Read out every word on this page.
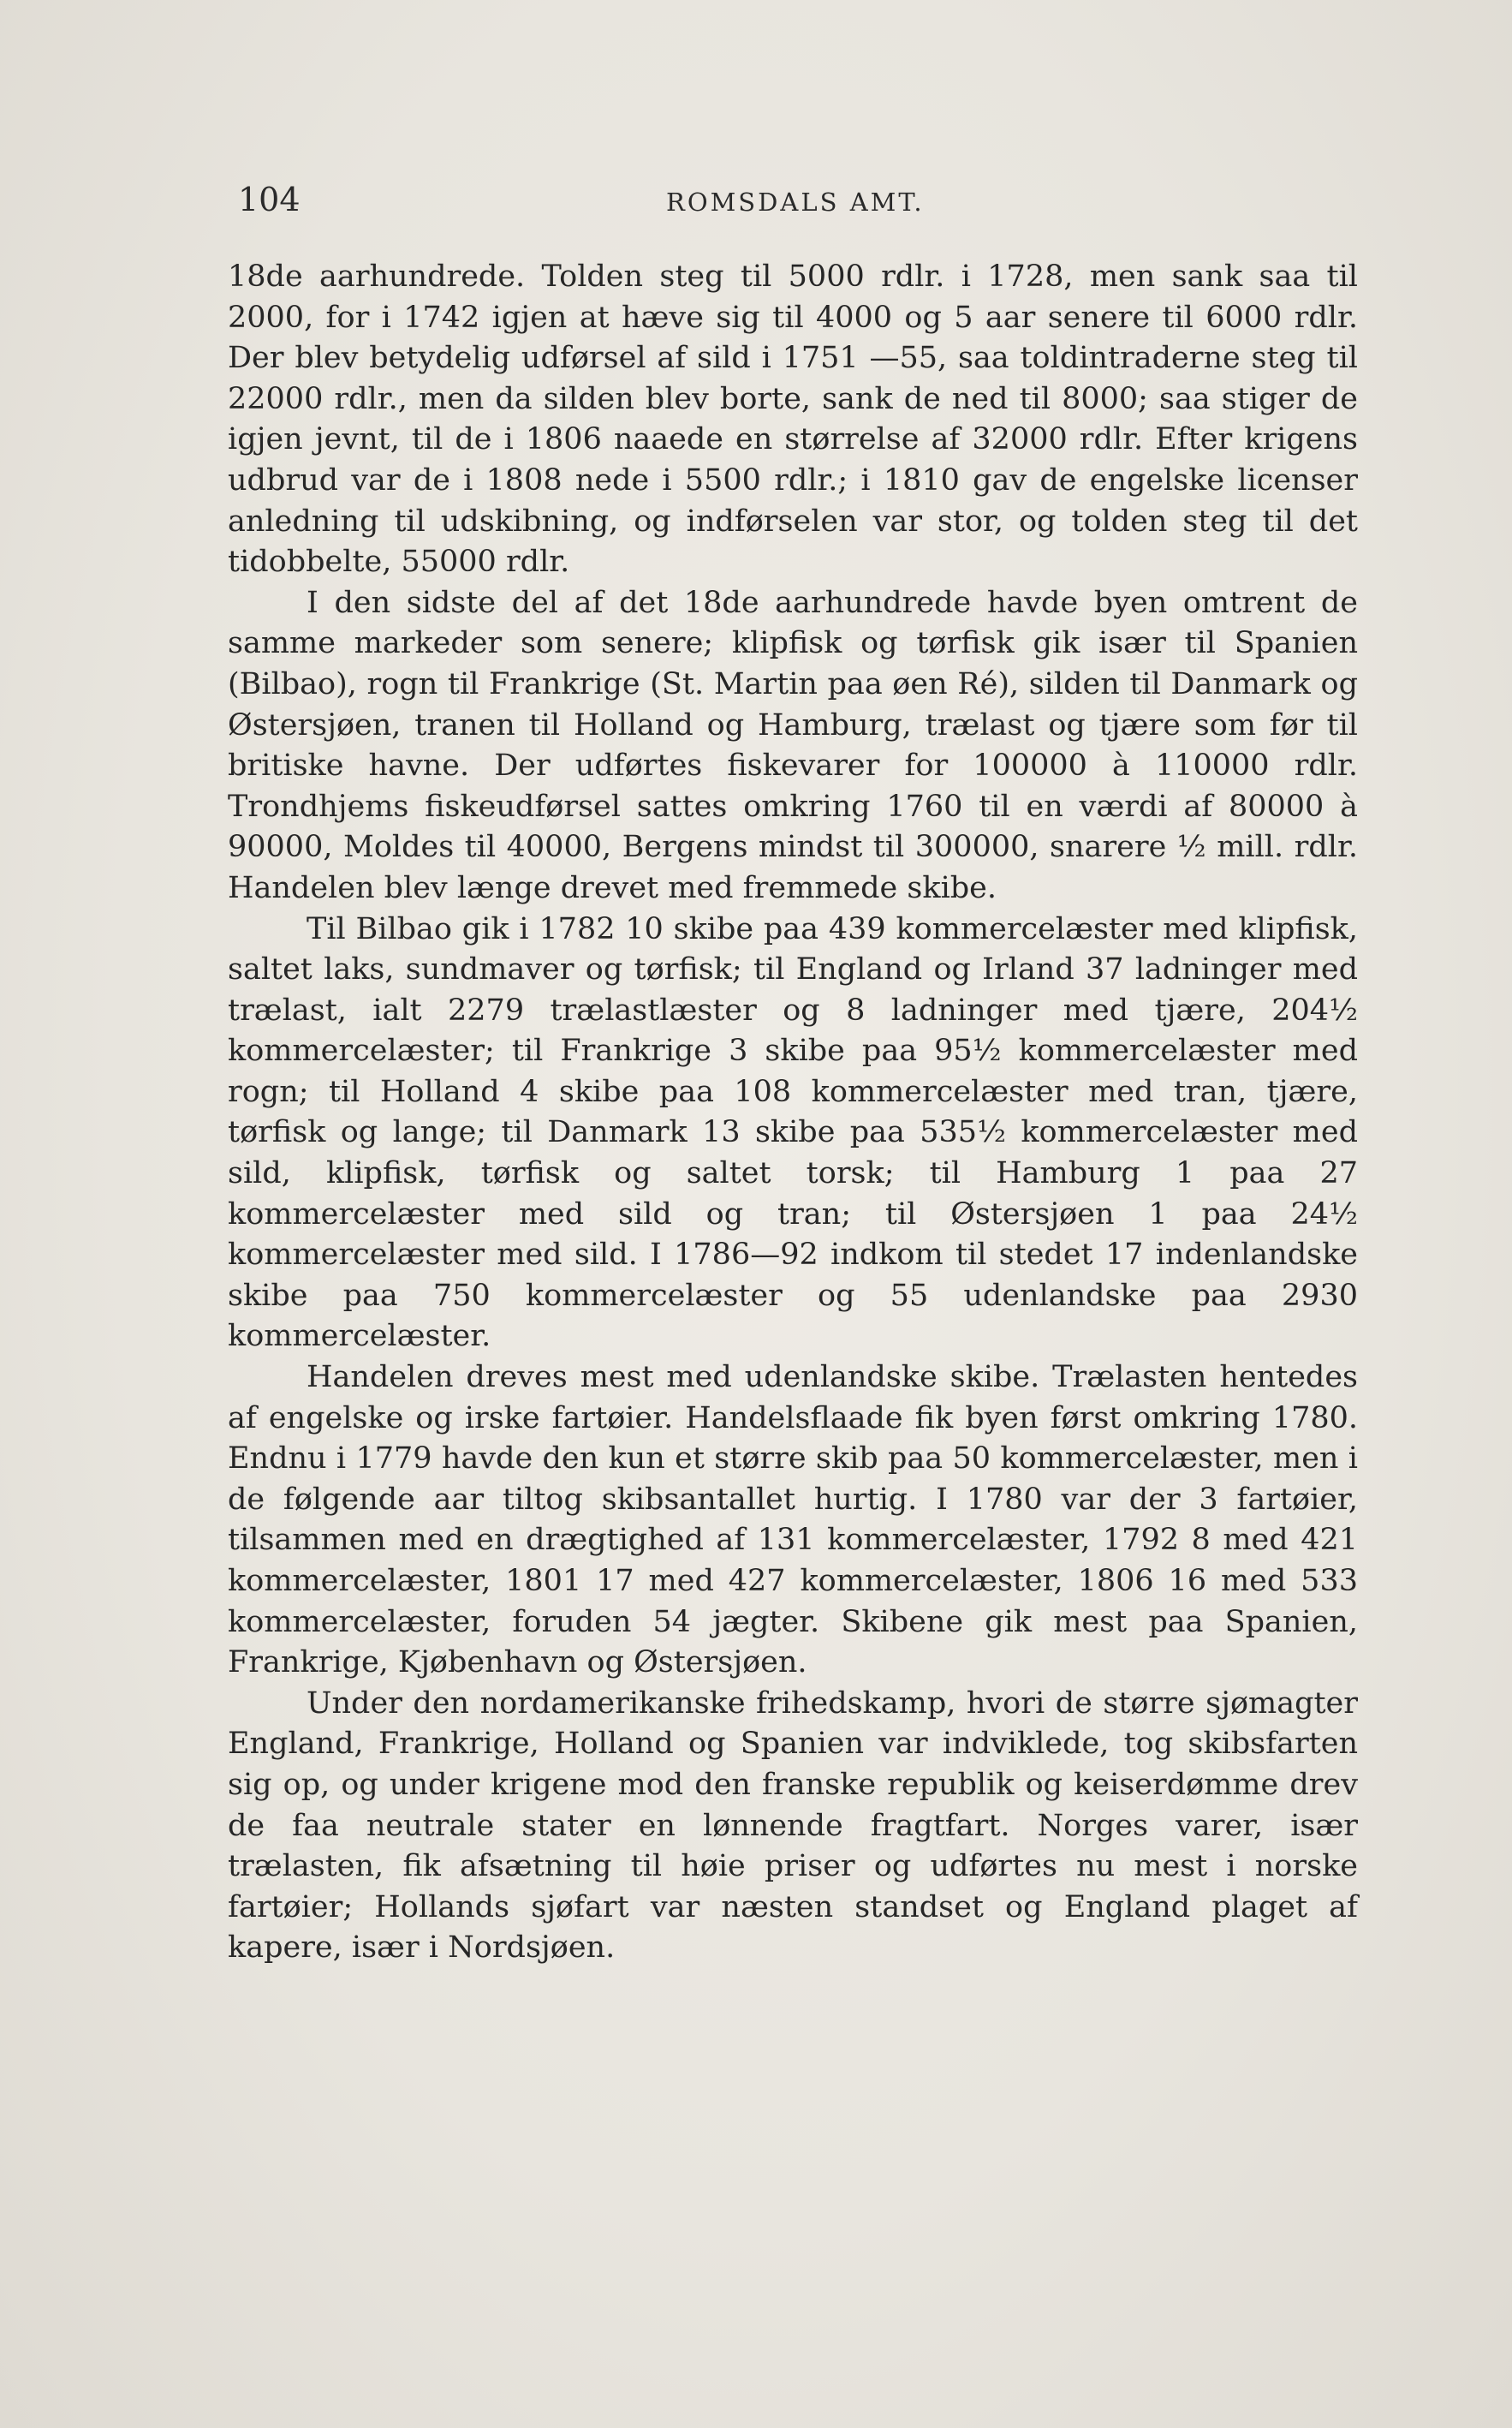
104	ROMSDALS AMT.

18de aarhundrede. Tolden steg til 5000 rdlr. i 1728, men sank saa til 2000, for i 1742 igjen at hæve sig til 4000 og 5 aar senere til 6000 rdlr. Der blev betydelig udførsel af sild i 1751 —55, saa toldintraderne steg til 22000 rdlr., men da silden blev borte, sank de ned til 8000; saa stiger de igjen jevnt, til de i 1806 naaede en størrelse af 32000 rdlr. Efter krigens udbrud var de i 1808 nede i 5500 rdlr.; i 1810 gav de engelske licenser anledning til udskibning, og indførselen var stor, og tolden steg til det tidobbelte, 55000 rdlr.

I den sidste del af det 18de aarhundrede havde byen omtrent de samme markeder som senere; klipfisk og tørfisk gik især til Spanien (Bilbao), rogn til Frankrige (St. Martin paa øen Ré), silden til Danmark og Østersjøen, tranen til Holland og Hamburg, trælast og tjære som før til britiske havne. Der udførtes fiskevarer for 100000 à 110000 rdlr. Trondhjems fiskeudførsel sattes omkring 1760 til en værdi af 80000 à 90000, Moldes til 40000, Bergens mindst til 300000, snarere ½ mill. rdlr. Handelen blev længe drevet med fremmede skibe.

Til Bilbao gik i 1782 10 skibe paa 439 kommercelæster med klipfisk, saltet laks, sundmaver og tørfisk; til England og Irland 37 ladninger med trælast, ialt 2279 trælastlæster og 8 ladninger med tjære, 204½ kommercelæster; til Frankrige 3 skibe paa 95½ kommercelæster med rogn; til Holland 4 skibe paa 108 kommercelæster med tran, tjære, tørfisk og lange; til Danmark 13 skibe paa 535½ kommercelæster med sild, klipfisk, tørfisk og saltet torsk; til Hamburg 1 paa 27 kommercelæster med sild og tran; til Østersjøen 1 paa 24½ kommercelæster med sild. I 1786—92 indkom til stedet 17 indenlandske skibe paa 750 kommercelæster og 55 udenlandske paa 2930 kommercelæster.

Handelen dreves mest med udenlandske skibe. Trælasten hentedes af engelske og irske fartøier. Handelsflaade fik byen først omkring 1780. Endnu i 1779 havde den kun et større skib paa 50 kommercelæster, men i de følgende aar tiltog skibsantallet hurtig. I 1780 var der 3 fartøier, tilsammen med en drægtighed af 131 kommercelæster, 1792 8 med 421 kommercelæster, 1801 17 med 427 kommercelæster, 1806 16 med 533 kommercelæster, foruden 54 jægter. Skibene gik mest paa Spanien, Frankrige, Kjøbenhavn og Østersjøen.

Under den nordamerikanske frihedskamp, hvori de større sjømagter England, Frankrige, Holland og Spanien var indviklede, tog skibsfarten sig op, og under krigene mod den franske republik og keiserdømme drev de faa neutrale stater en lønnende fragtfart. Norges varer, især trælasten, fik afsætning til høie priser og udførtes nu mest i norske fartøier; Hollands sjøfart var næsten standset og England plaget af kapere, især i Nordsjøen.
